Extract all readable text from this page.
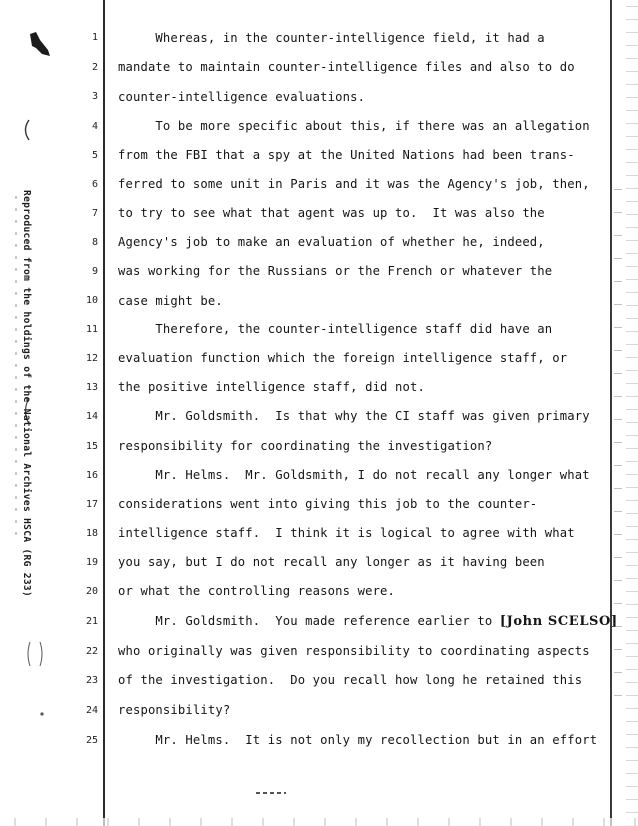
Reproduced from the holdings of the National Archives HSCA (RG 233)
1
2
3
4
5
6
7
8
9
10
11
12
13
14
15
16
17
18
19
20
21
22
23
24
25
Whereas, in the counter-intelligence field, it had a
mandate to maintain counter-intelligence files and also to do
counter-intelligence evaluations.
To be more specific about this, if there was an allegation
from the FBI that a spy at the United Nations had been trans-
ferred to some unit in Paris and it was the Agency's job, then,
to try to see what that agent was up to.  It was also the
Agency's job to make an evaluation of whether he, indeed,
was working for the Russians or the French or whatever the
case might be.
Therefore, the counter-intelligence staff did have an
evaluation function which the foreign intelligence staff, or
the positive intelligence staff, did not.
Mr. Goldsmith.  Is that why the CI staff was given primary
responsibility for coordinating the investigation?
Mr. Helms.  Mr. Goldsmith, I do not recall any longer what
considerations went into giving this job to the counter-
intelligence staff.  I think it is logical to agree with what
you say, but I do not recall any longer as it having been
or what the controlling reasons were.
Mr. Goldsmith.  You made reference earlier to [John SCELSO]
who originally was given responsibility to coordinating aspects
of the investigation.  Do you recall how long he retained this
responsibility?
Mr. Helms.  It is not only my recollection but in an effort
